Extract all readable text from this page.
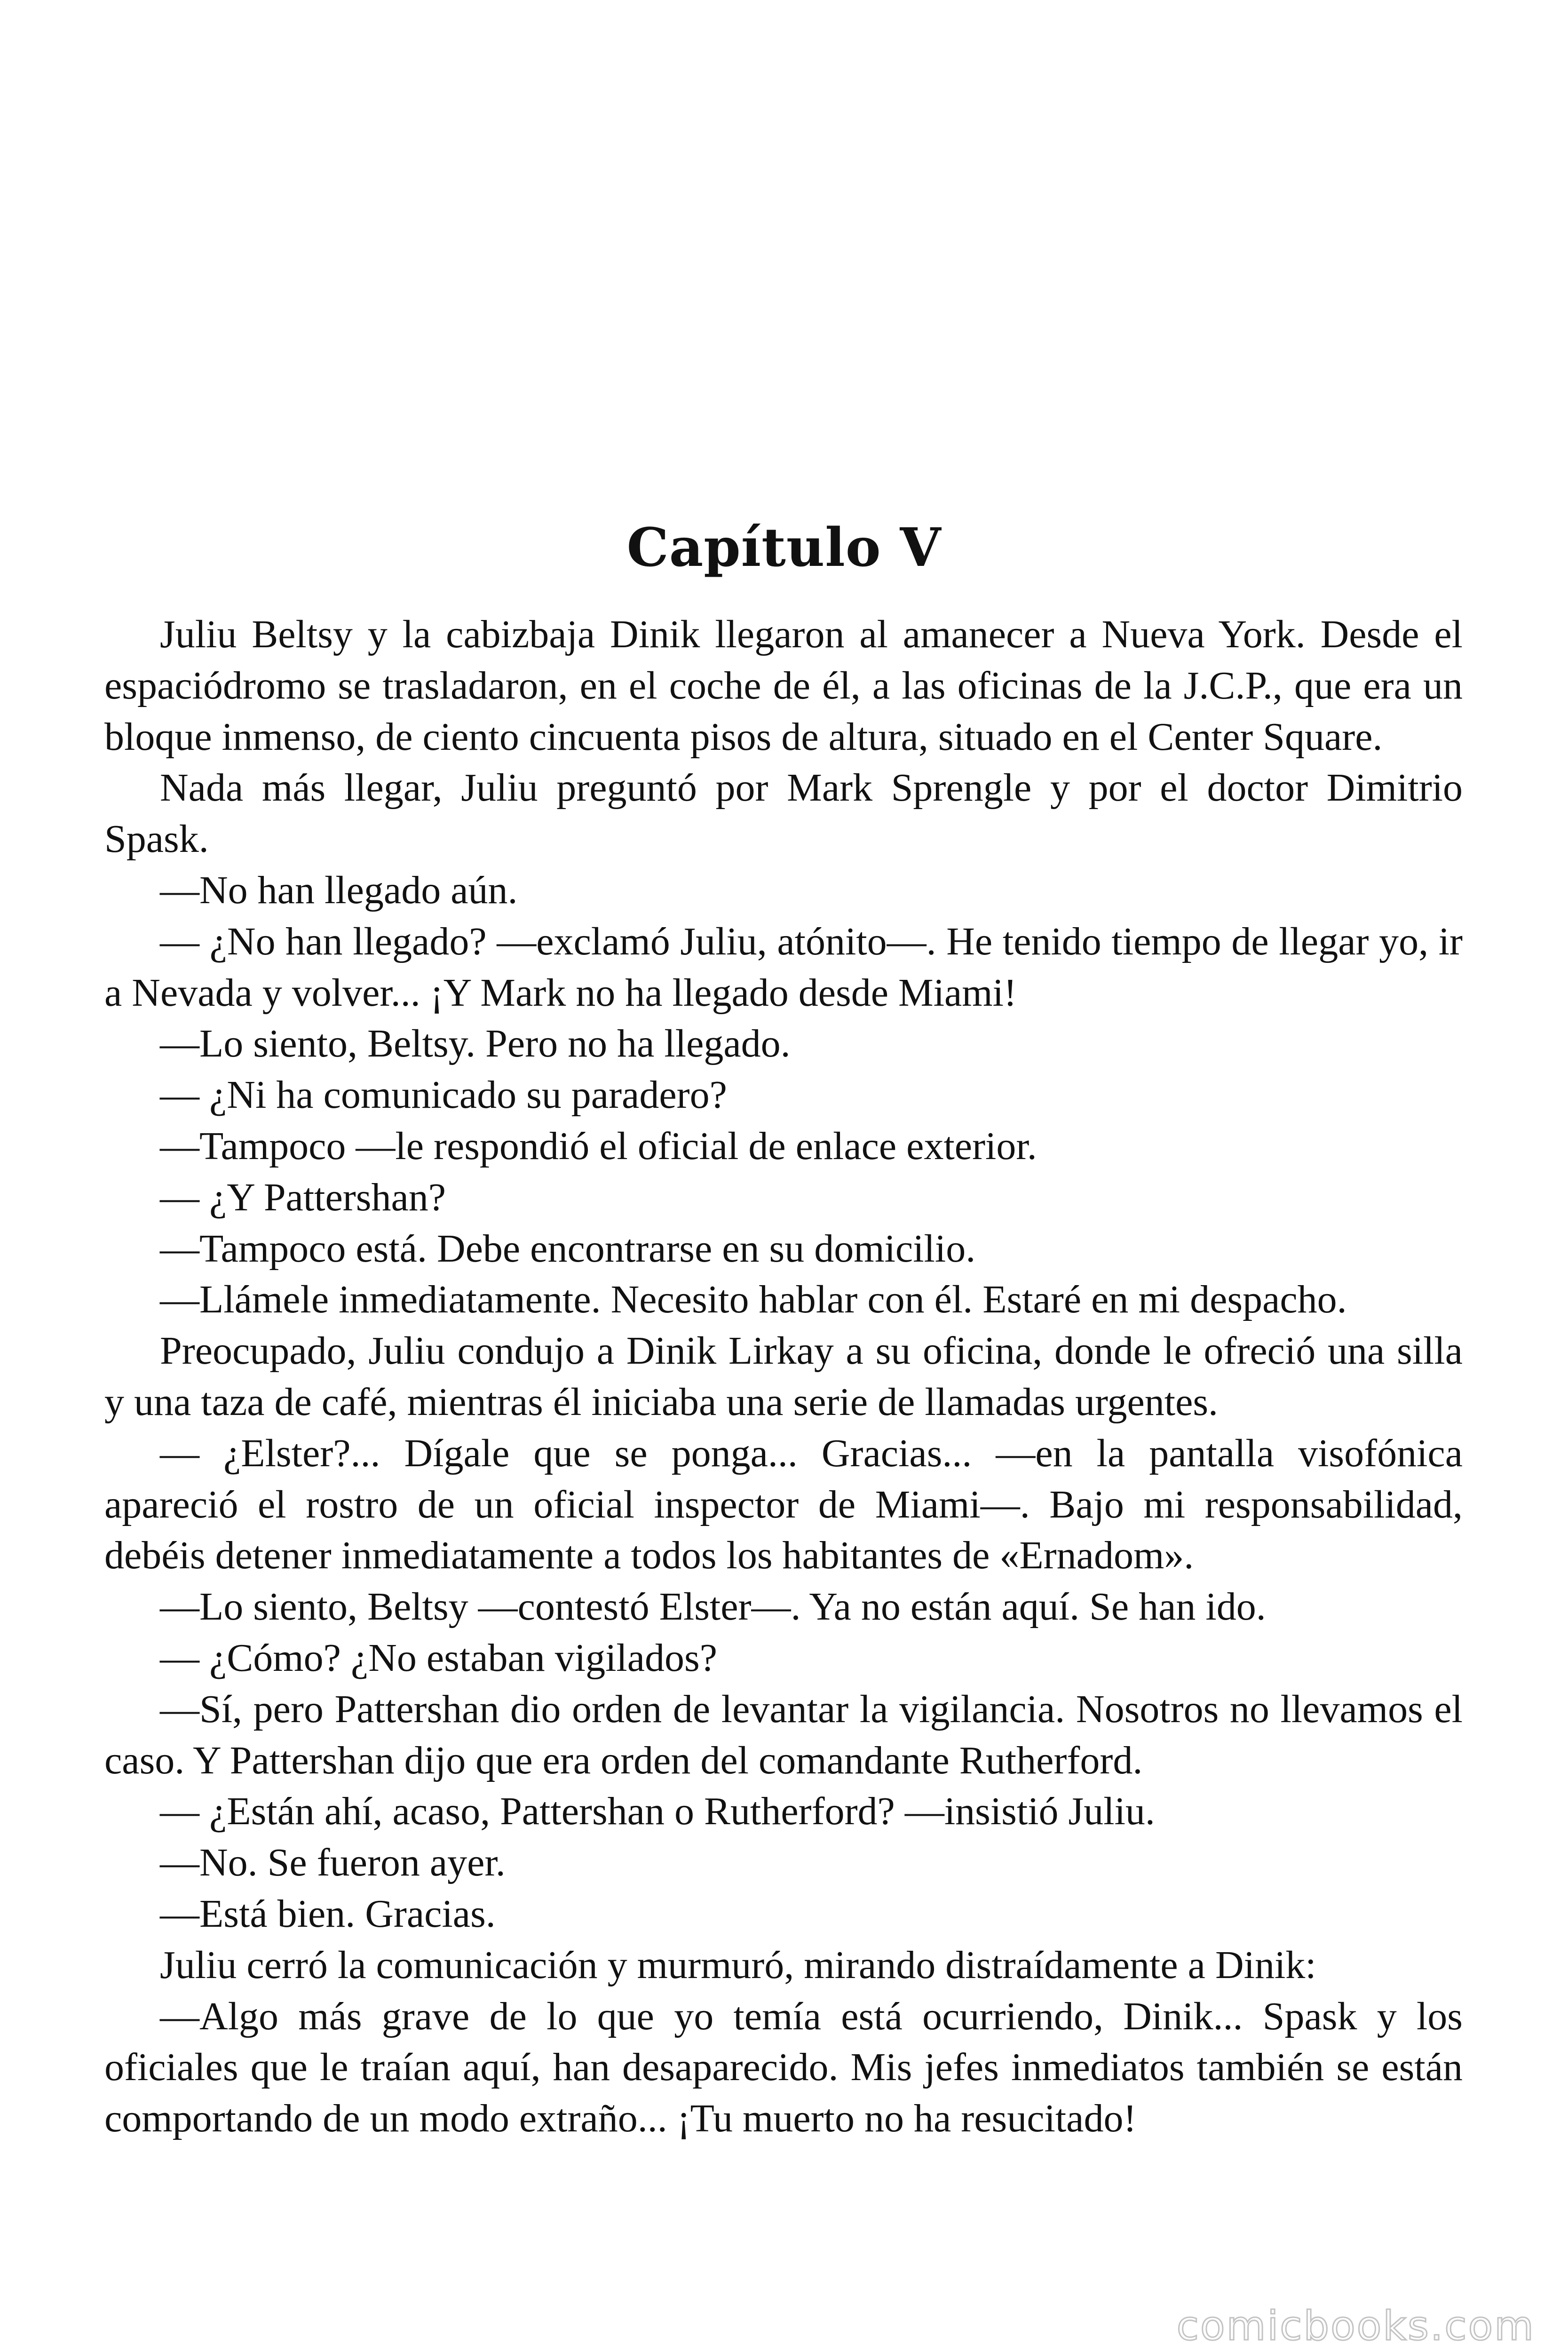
Capítulo V

Juliu Beltsy y la cabizbaja Dinik llegaron al amanecer a Nueva York. Desde el espaciódromo se trasladaron, en el coche de él, a las oficinas de la J.C.P., que era un bloque inmenso, de ciento cincuenta pisos de altura, situado en el Center Square.

Nada más llegar, Juliu preguntó por Mark Sprengle y por el doctor Dimitrio Spask.

—No han llegado aún.

— ¿No han llegado? —exclamó Juliu, atónito—. He tenido tiempo de llegar yo, ir a Nevada y volver... ¡Y Mark no ha llegado desde Miami!

—Lo siento, Beltsy. Pero no ha llegado.

— ¿Ni ha comunicado su paradero?

—Tampoco —le respondió el oficial de enlace exterior.

— ¿Y Pattershan?

—Tampoco está. Debe encontrarse en su domicilio.

—Llámele inmediatamente. Necesito hablar con él. Estaré en mi despacho.

Preocupado, Juliu condujo a Dinik Lirkay a su oficina, donde le ofreció una silla y una taza de café, mientras él iniciaba una serie de llamadas urgentes.

— ¿Elster?... Dígale que se ponga... Gracias... —en la pantalla visofónica apareció el rostro de un oficial inspector de Miami—. Bajo mi responsabilidad, debéis detener inmediatamente a todos los habitantes de «Ernadom».

—Lo siento, Beltsy —contestó Elster—. Ya no están aquí. Se han ido.

— ¿Cómo? ¿No estaban vigilados?

—Sí, pero Pattershan dio orden de levantar la vigilancia. Nosotros no llevamos el caso. Y Pattershan dijo que era orden del comandante Rutherford.

— ¿Están ahí, acaso, Pattershan o Rutherford? —insistió Juliu.

—No. Se fueron ayer.

—Está bien. Gracias.

Juliu cerró la comunicación y murmuró, mirando distraídamente a Dinik:

—Algo más grave de lo que yo temía está ocurriendo, Dinik... Spask y los oficiales que le traían aquí, han desaparecido. Mis jefes inmediatos también se están comportando de un modo extraño... ¡Tu muerto no ha resucitado!

comicbooks.com
